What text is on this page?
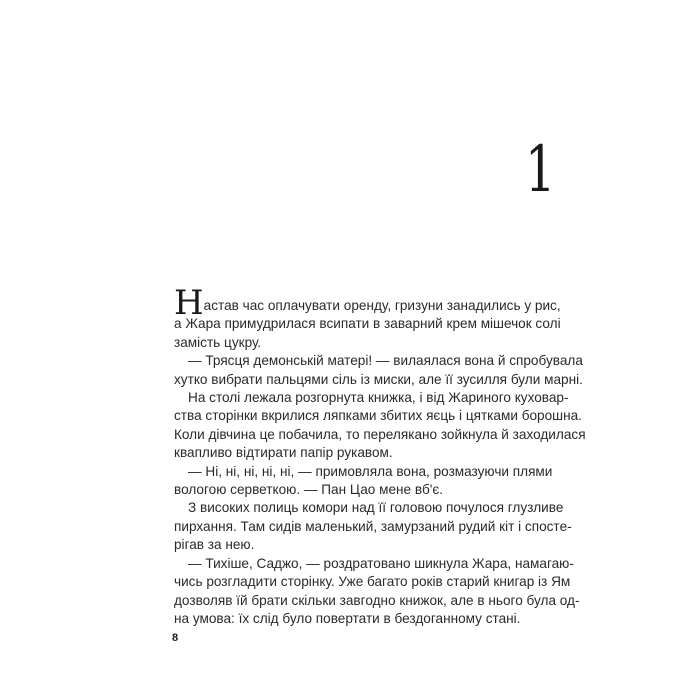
1

Настав час оплачувати оренду, гризуни занадились у рис,
а Жара примудрилася всипати в заварний крем мішечок солі
замість цукру.

— Трясця демонській матері! — вилаялася вона й спробувала
хутко вибрати пальцями сіль із миски, але її зусилля були марні.

На столі лежала розгорнута книжка, і від Жариного куховар-
ства сторінки вкрилися ляпками збитих яєць і цятками борошна.
Коли дівчина це побачила, то перелякано зойкнула й заходилася
квапливо відтирати папір рукавом.

— Ні, ні, ні, ні, ні, — примовляла вона, розмазуючи плями
вологою серветкою. — Пан Цао мене вб'є.

З високих полиць комори над її головою почулося глузливе
пирхання. Там сидів маленький, замурзаний рудий кіт і спостe-
рігав за нею.

— Тихіше, Саджо, — роздратовано шикнула Жара, намагаю-
чись розгладити сторінку. Уже багато років старий книгар із Ям
дозволяв їй брати скільки завгодно книжок, але в нього була од-
на умова: їх слід було повертати в бездоганному стані.

8
